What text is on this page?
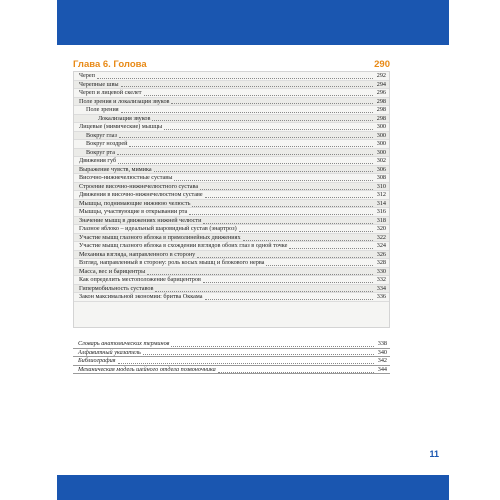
Глава 6. Голова	290
Череп	292
Черепные швы	294
Череп и лицевой скелет	296
Поле зрения и локализация звуков	298
Поле зрения	298
Локализация звуков	298
Лицевые (мимические) мышцы	300
Вокруг глаз	300
Вокруг ноздрей	300
Вокруг рта	300
Движения губ	302
Выражение чувств, мимика	306
Височно-нижнечелюстные суставы	308
Строение височно-нижнечелюстного сустава	310
Движения в височно-нижнечелюстном суставе	312
Мышцы, поднимающие нижнюю челюсть	314
Мышцы, участвующие в открывании рта	316
Значение мышц в движениях нижней челюсти	318
Глазное яблоко – идеальный шаровидный сустав (энартроз)	320
Участие мышц глазного яблока в прямолинейных движениях	322
Участие мышц глазного яблока в схождении взглядов обоих глаз в одной точке	324
Механика взгляда, направленного в сторону	326
Взгляд, направленный в сторону: роль косых мышц и блокового нерва	328
Масса, вес и барицентры	330
Как определить местоположение барицентров	332
Гипермобильность суставов	334
Закон максимальной экономии: бритва Оккама	336
Словарь анатомических терминов	338
Алфавитный указатель	340
Библиография	342
Механическая модель шейного отдела позвоночника	344
11
